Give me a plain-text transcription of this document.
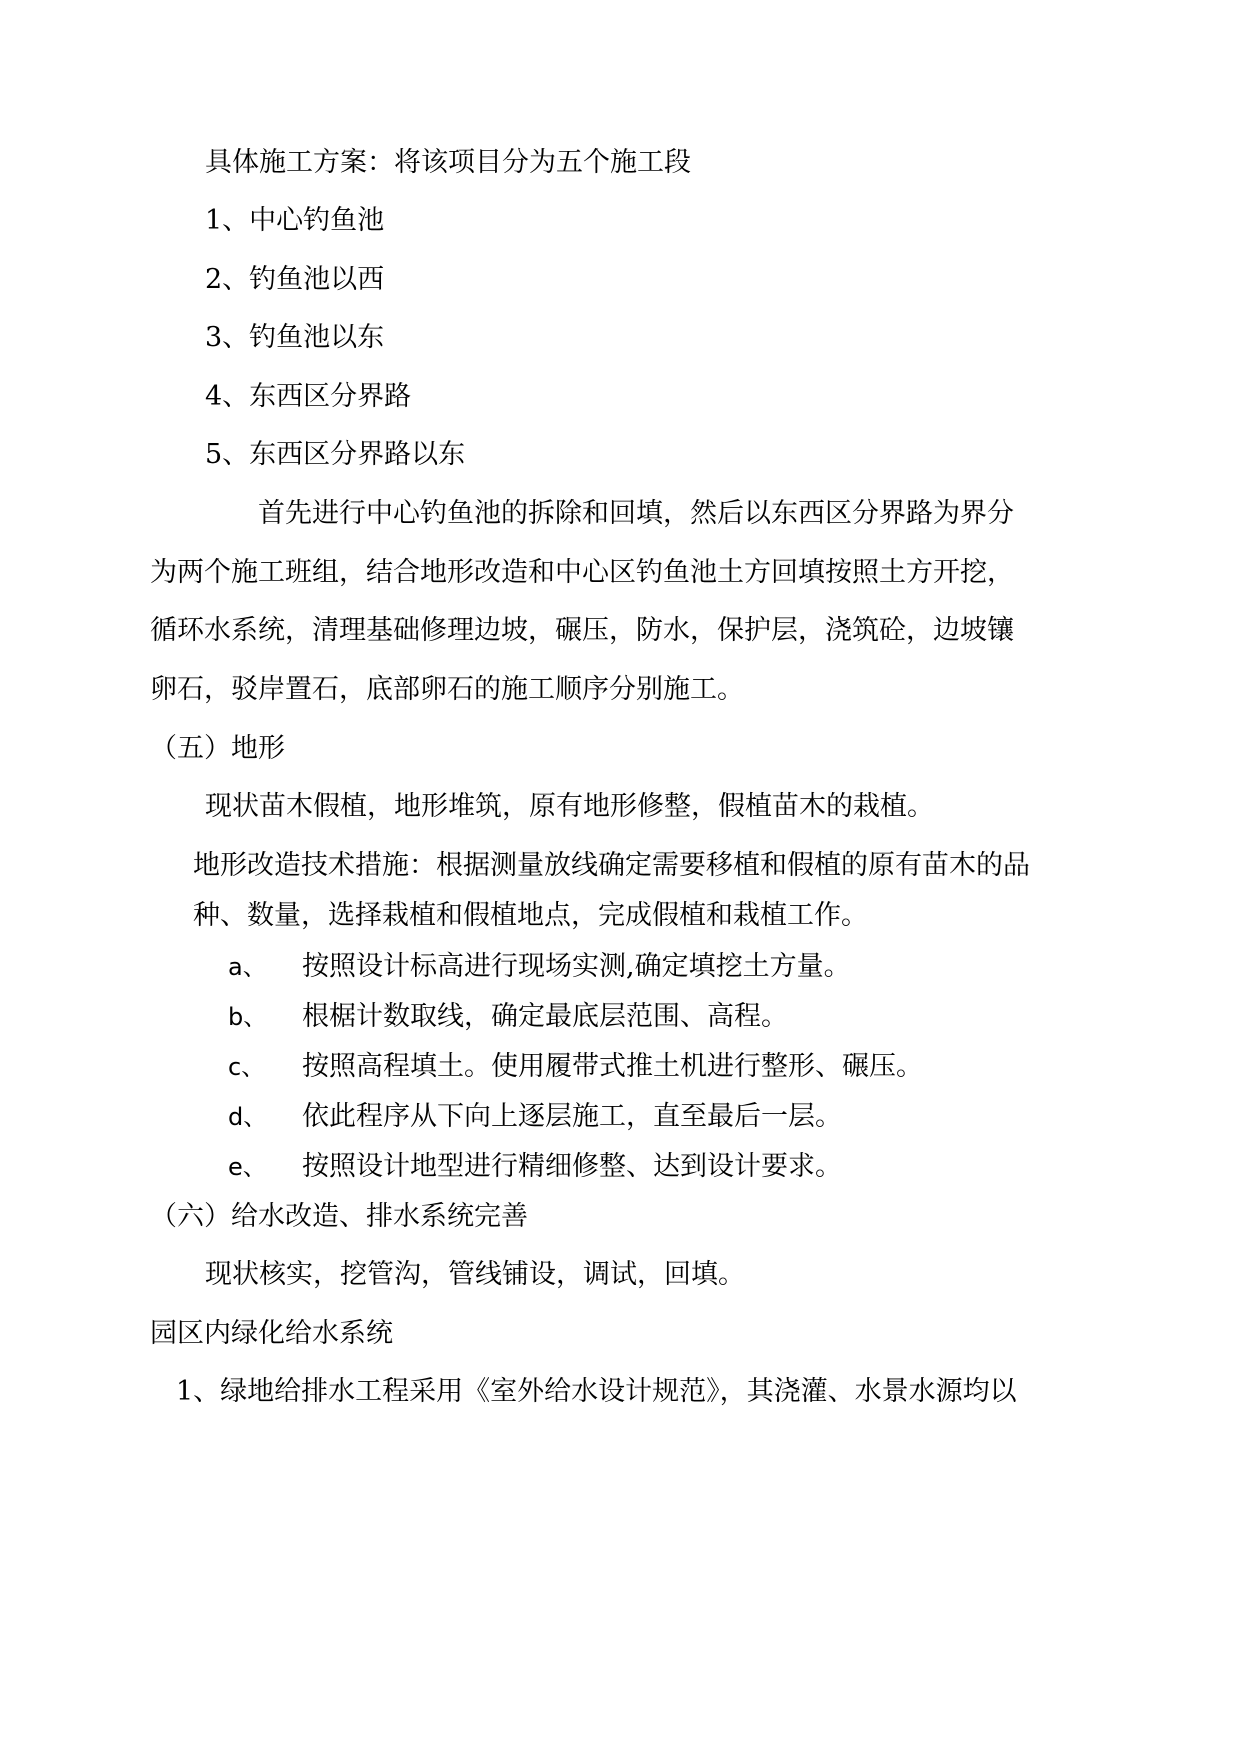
具体施工方案：将该项目分为五个施工段
1、中心钓鱼池
2、钓鱼池以西
3、钓鱼池以东
4、东西区分界路
5、东西区分界路以东
首先进行中心钓鱼池的拆除和回填，然后以东西区分界路为界分
为两个施工班组，结合地形改造和中心区钓鱼池土方回填按照土方开挖，
循环水系统，清理基础修理边坡，碾压，防水，保护层，浇筑砼，边坡镶
卵石，驳岸置石，底部卵石的施工顺序分别施工。
（五）地形
现状苗木假植，地形堆筑，原有地形修整，假植苗木的栽植。
地形改造技术措施：根据测量放线确定需要移植和假植的原有苗木的品
种、数量，选择栽植和假植地点，完成假植和栽植工作。
a、 按照设计标高进行现场实测,确定填挖土方量。
b、 根椐计数取线，确定最底层范围、高程。
c、 按照高程填土。使用履带式推土机进行整形、碾压。
d、 依此程序从下向上逐层施工，直至最后一层。
e、 按照设计地型进行精细修整、达到设计要求。
（六）给水改造、排水系统完善
现状核实，挖管沟，管线铺设，调试，回填。
园区内绿化给水系统
1、绿地给排水工程采用《室外给水设计规范》，其浇灌、水景水源均以
